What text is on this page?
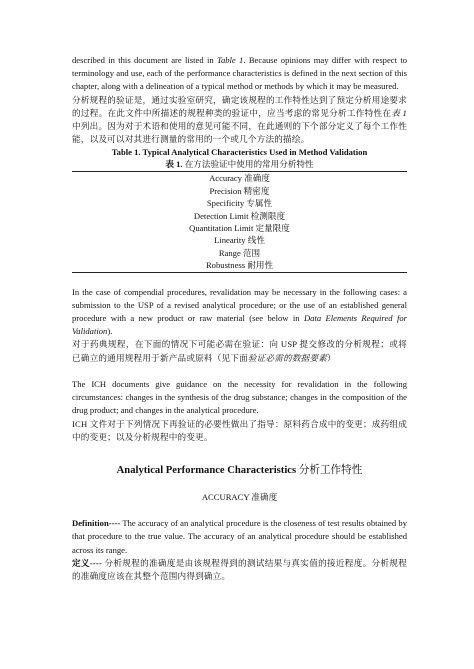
described in this document are listed in Table 1. Because opinions may differ with respect to terminology and use, each of the performance characteristics is defined in the next section of this chapter, along with a delineation of a typical method or methods by which it may be measured.

分析规程的验证是，通过实验室研究，确定该规程的工作特性达到了预定分析用途要求的过程。在此文件中所描述的规程种类的验证中，应当考虑的常见分析工作特性在表 1 中列出。因为对于术语和使用的意见可能不同，在此通则的下个部分定义了每个工作性能，以及可以对其进行测量的常用的一个或几个方法的描绘。

Table 1. Typical Analytical Characteristics Used in Method Validation

表 1. 在方法验证中使用的常用分析特性

Accuracy 准确度
Precision 精密度
Specificity 专属性
Detection Limit 检测限度
Quantitation Limit 定量限度
Linearity 线性
Range 范围
Robustness 耐用性

In the case of compendial procedures, revalidation may be necessary in the following cases: a submission to the USP of a revised analytical procedure; or the use of an established general procedure with a new product or raw material (see below in Data Elements Required for Validation).

对于药典规程，在下面的情况下可能必需在验证：向 USP 提交修改的分析规程；或将已确立的通用规程用于新产品或原料（见下面验证必需的数据要素）

The ICH documents give guidance on the necessity for revalidation in the following circumstances: changes in the synthesis of the drug substance; changes in the composition of the drug product; and changes in the analytical procedure.

ICH 文件对于下列情况下再验证的必要性做出了指导：原料药合成中的变更；成药组成中的变更；以及分析规程中的变更。

Analytical Performance Characteristics 分析工作特性

ACCURACY 准确度

Definition---- The accuracy of an analytical procedure is the closeness of test results obtained by that procedure to the true value. The accuracy of an analytical procedure should be established across its range.

定义---- 分析规程的准确度是由该规程得到的测试结果与真实值的接近程度。分析规程的准确度应该在其整个范围内得到确立。
